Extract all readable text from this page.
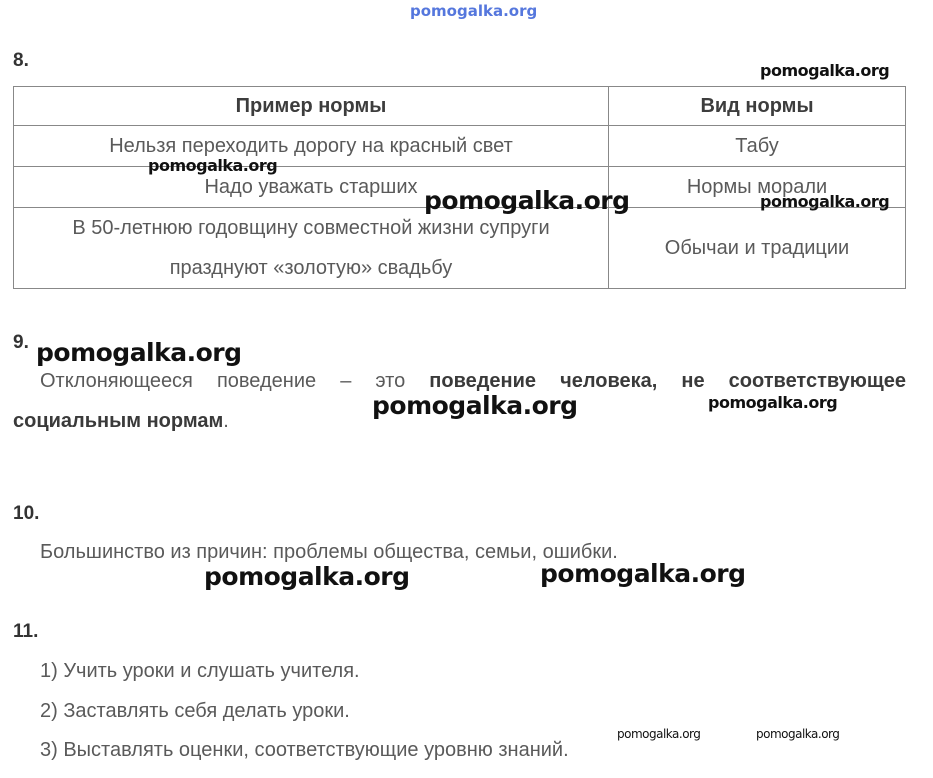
pomogalka.org
8.
Пример нормы	Вид нормы
Нельзя переходить дорогу на красный свет	Табу
Надо уважать старших	Нормы морали
В 50-летнюю годовщину совместной жизни супруги
празднуют «золотую» свадьбу	Обычаи и традиции
9.
Отклоняющееся поведение – это поведение человека, не соответствующее
социальным нормам.
10.
Большинство из причин: проблемы общества, семьи, ошибки.
11.
1) Учить уроки и слушать учителя.
2) Заставлять себя делать уроки.
3) Выставлять оценки, соответствующие уровню знаний.
pomogalka.org
pomogalka.org
pomogalka.org	pomogalka.org
pomogalka.org
pomogalka.org	pomogalka.org
pomogalka.org	pomogalka.org
pomogalka.org	pomogalka.org
